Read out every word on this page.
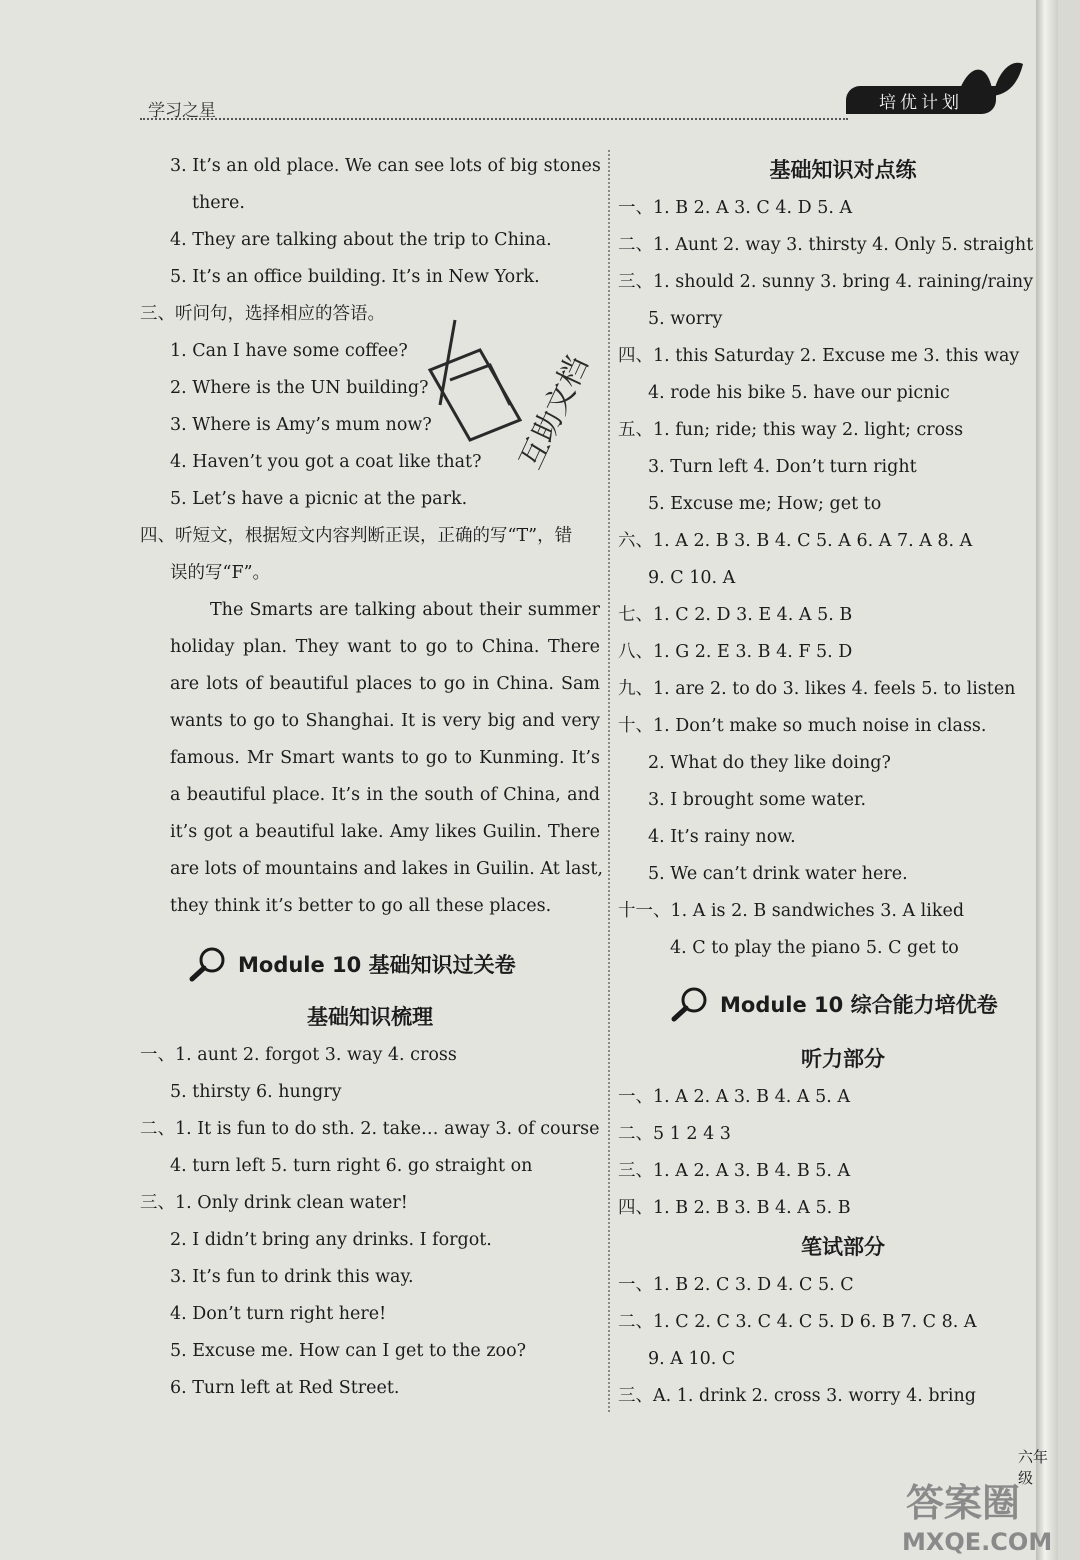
学习之星	培优计划
3. It’s an old place. We can see lots of big stones
there.
4. They are talking about the trip to China.
5. It’s an office building. It’s in New York.
三、听问句，选择相应的答语。
1. Can I have some coffee?
2. Where is the UN building?
3. Where is Amy’s mum now?
4. Haven’t you got a coat like that?
5. Let’s have a picnic at the park.
四、听短文，根据短文内容判断正误，正确的写“T”，错
误的写“F”。
The Smarts are talking about their summer
holiday plan. They want to go to China. There
are lots of beautiful places to go in China. Sam
wants to go to Shanghai. It is very big and very
famous. Mr Smart wants to go to Kunming. It’s
a beautiful place. It’s in the south of China, and
it’s got a beautiful lake. Amy likes Guilin. There
are lots of mountains and lakes in Guilin. At last,
they think it’s better to go all these places.
Module 10 基础知识过关卷
基础知识梳理
一、1. aunt 2. forgot 3. way 4. cross
5. thirsty 6. hungry
二、1. It is fun to do sth. 2. take… away 3. of course
4. turn left 5. turn right 6. go straight on
三、1. Only drink clean water!
2. I didn’t bring any drinks. I forgot.
3. It’s fun to drink this way.
4. Don’t turn right here!
5. Excuse me. How can I get to the zoo?
6. Turn left at Red Street.
基础知识对点练
一、1. B 2. A 3. C 4. D 5. A
二、1. Aunt 2. way 3. thirsty 4. Only 5. straight
三、1. should 2. sunny 3. bring 4. raining/rainy
5. worry
四、1. this Saturday 2. Excuse me 3. this way
4. rode his bike 5. have our picnic
五、1. fun; ride; this way 2. light; cross
3. Turn left 4. Don’t turn right
5. Excuse me; How; get to
六、1. A 2. B 3. B 4. C 5. A 6. A 7. A 8. A
9. C 10. A
七、1. C 2. D 3. E 4. A 5. B
八、1. G 2. E 3. B 4. F 5. D
九、1. are 2. to do 3. likes 4. feels 5. to listen
十、1. Don’t make so much noise in class.
2. What do they like doing?
3. I brought some water.
4. It’s rainy now.
5. We can’t drink water here.
十一、1. A is 2. B sandwiches 3. A liked
4. C to play the piano 5. C get to
Module 10 综合能力培优卷
听力部分
一、1. A 2. A 3. B 4. A 5. A
二、5 1 2 4 3
三、1. A 2. A 3. B 4. B 5. A
四、1. B 2. B 3. B 4. A 5. B
笔试部分
一、1. B 2. C 3. D 4. C 5. C
二、1. C 2. C 3. C 4. C 5. D 6. B 7. C 8. A
9. A 10. C
三、A. 1. drink 2. cross 3. worry 4. bring
互助文档
六年级
答案圈
MXQE.COM
